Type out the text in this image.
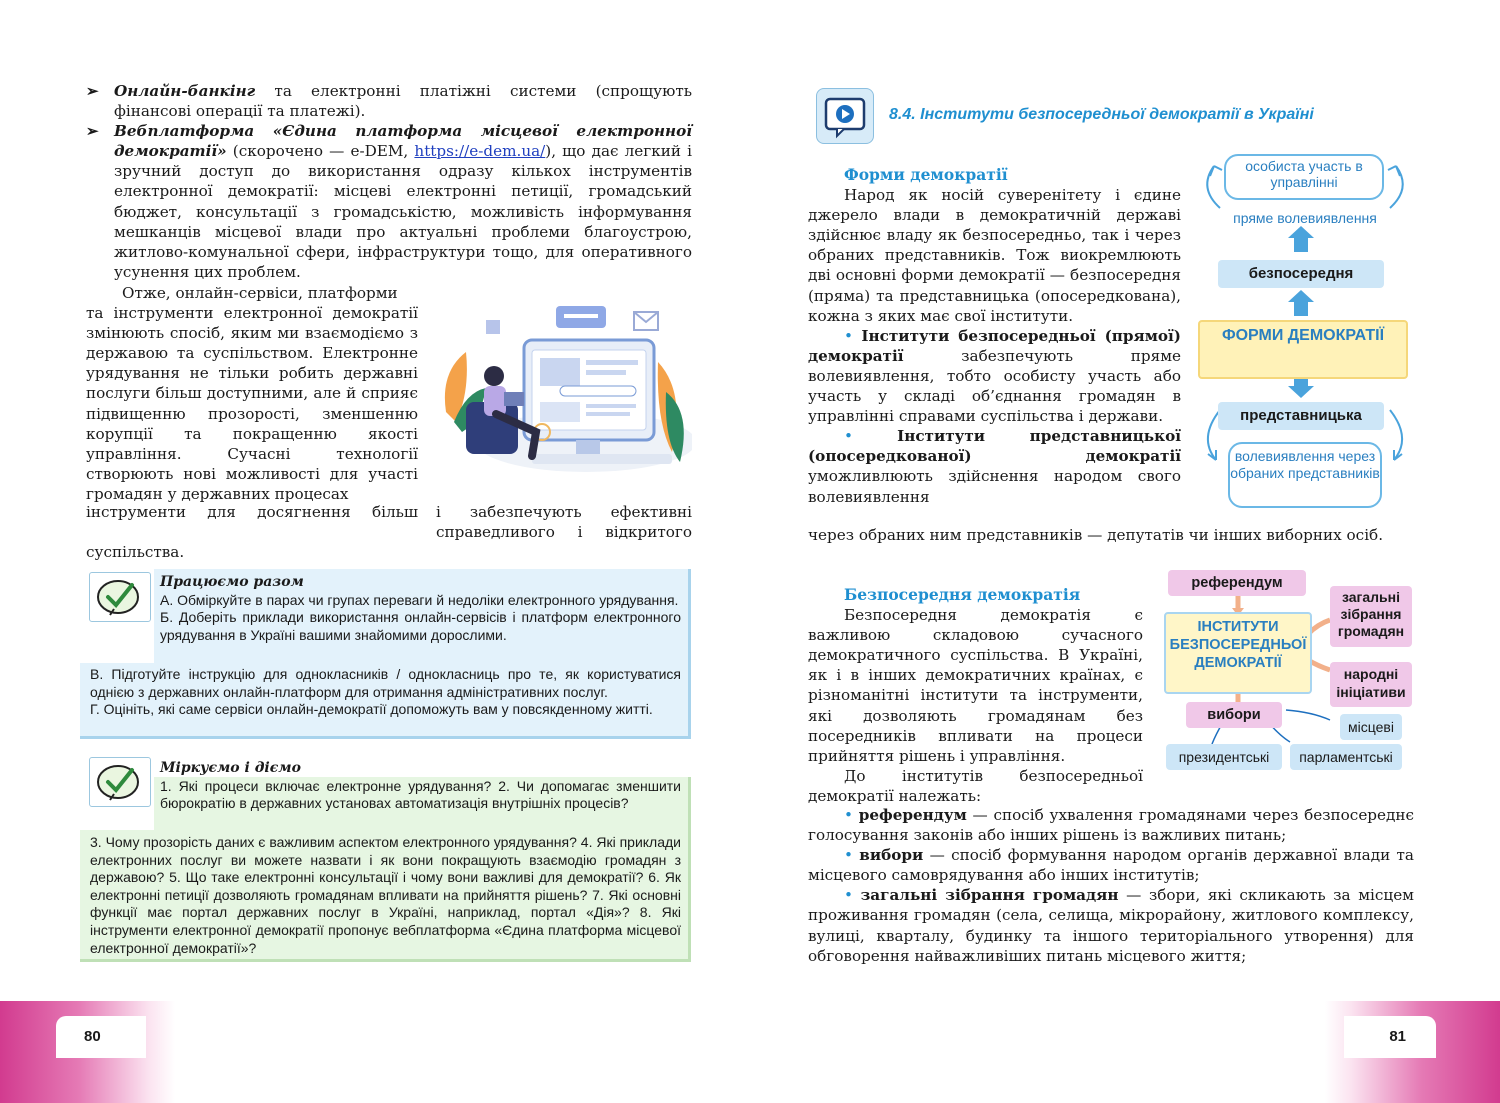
➢ Онлайн-банкінг та електронні платіжні системи (спрощують фінансові операції та платежі).

➢ Вебплатформа «Єдина платформа місцевої електронної демократії» (скорочено — e-DEM, https://e-dem.ua/), що дає легкий і зручний доступ до використання одразу кількох інструментів електронної демократії: місцеві електронні петиції, громадський бюджет, консультації з громадськістю, можливість інформування мешканців місцевої влади про актуальні проблеми благоустрою, житлово-комунальної сфери, інфраструктури тощо, для оперативного усунення цих проблем.

Отже, онлайн-сервіси, платформи

та інструменти електронної демократії змінюють спосіб, яким ми взаємодіємо з державою та суспільством. Електронне урядування не тільки робить державні послуги більш доступними, але й сприяє підвищенню прозорості, зменшенню корупції та покращенню якості управління. Сучасні технології створюють нові можливості для участі громадян у державних процесах

інструменти для досягнення більш і забезпечують ефективні справедливого і відкритого

суспільства.

Працюємо разом

А. Обміркуйте в парах чи групах переваги й недоліки електронного урядування.

Б. Доберіть приклади використання онлайн-сервісів і платформ електронного урядування в Україні вашими знайомими дорослими.

В. Підготуйте інструкцію для однокласників / однокласниць про те, як користуватися однією з державних онлайн-платформ для отримання адміністративних послуг.

Г. Оцініть, які саме сервіси онлайн-демократії допоможуть вам у повсякденному житті.

Міркуємо і діємо

1. Які процеси включає електронне урядування? 2. Чи допомагає зменшити бюрократію в державних установах автоматизація внутрішніх процесів?

3. Чому прозорість даних є важливим аспектом електронного урядування? 4. Які приклади електронних послуг ви можете назвати і як вони покращують взаємодію громадян з державою? 5. Що таке електронні консультації і чому вони важливі для демократії? 6. Як електронні петиції дозволяють громадянам впливати на прийняття рішень? 7. Які основні функції має портал державних послуг в Україні, наприклад, портал «Дія»? 8. Які інструменти електронної демократії пропонує вебплатформа «Єдина платформа місцевої електронної демократії»?

8.4. Інститути безпосередньої демократії в Україні
Форми демократії

Народ як носій суверенітету і єдине джерело влади в демократичній державі здійснює владу як безпосередньо, так і через обраних представників. Тож виокремлюють дві основні форми демократії — безпосередня (пряма) та представницька (опосередкована), кожна з яких має свої інститути.

• Інститути безпосередньої (прямої) демократії забезпечують пряме волевиявлення, тобто особисту участь або участь у складі об’єднання громадян в управлінні справами суспільства і держави.

• Інститути представницької (опосередкованої) демократії уможливлюють здійснення народом свого волевиявлення

через обраних ним представників — депутатів чи інших виборних осіб.

особиста участь в управлінні
пряме волевиявлення
безпосередня
ФОРМИ ДЕМОКРАТІЇ
представницька
волевиявлення через обраних представників
Безпосередня демократія

Безпосередня демократія є важливою складовою сучасного демократичного суспільства. В Україні, як і в інших демократичних країнах, є різноманітні інститути та інструменти, які дозволяють громадянам без посередників впливати на процеси прийняття рішень і управління.

До інститутів безпосередньої демократії належать:

референдум
ІНСТИТУТИ БЕЗПОСЕРЕДНЬОЇ ДЕМОКРАТІЇ
загальні зібрання громадян
народні ініціативи
вибори
місцеві
президентські	парламентські

• референдум — спосіб ухвалення громадянами через безпосереднє голосування законів або інших рішень із важливих питань;

• вибори — спосіб формування народом органів державної влади та місцевого самоврядування або інших інститутів;

• загальні зібрання громадян — збори, які скликають за місцем проживання громадян (села, селища, мікрорайону, житлового комплексу, вулиці, кварталу, будинку та іншого територіального утворення) для обговорення найважливіших питань місцевого життя;

80	81
